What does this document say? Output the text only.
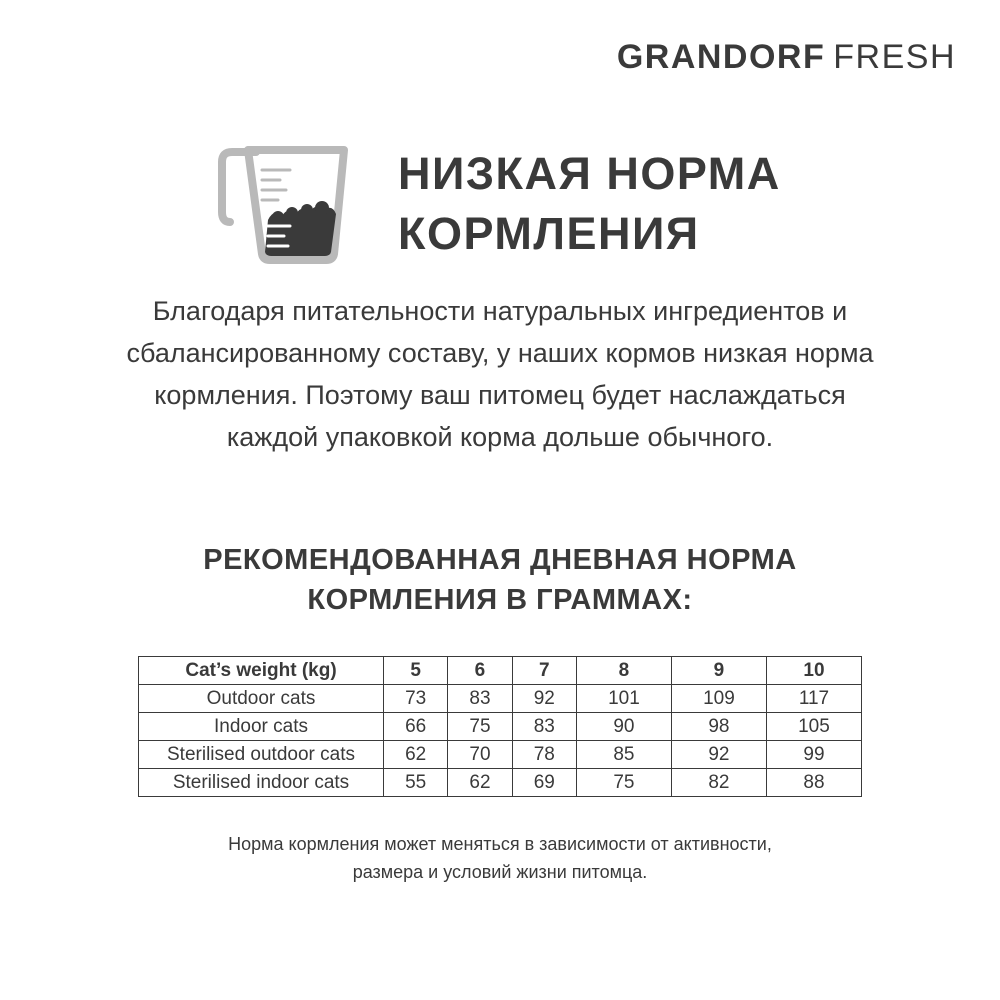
GRANDORF FRESH
НИЗКАЯ НОРМА
КОРМЛЕНИЯ
Благодаря питательности натуральных ингредиентов и
сбалансированному составу, у наших кормов низкая норма
кормления. Поэтому ваш питомец будет наслаждаться
каждой упаковкой корма дольше обычного.
РЕКОМЕНДОВАННАЯ ДНЕВНАЯ НОРМА
КОРМЛЕНИЯ В ГРАММАХ:
Cat’s weight (kg)	5	6	7	8	9	10
Outdoor cats	73	83	92	101	109	117
Indoor cats	66	75	83	90	98	105
Sterilised outdoor cats	62	70	78	85	92	99
Sterilised indoor cats	55	62	69	75	82	88
Норма кормления может меняться в зависимости от активности,
размера и условий жизни питомца.
